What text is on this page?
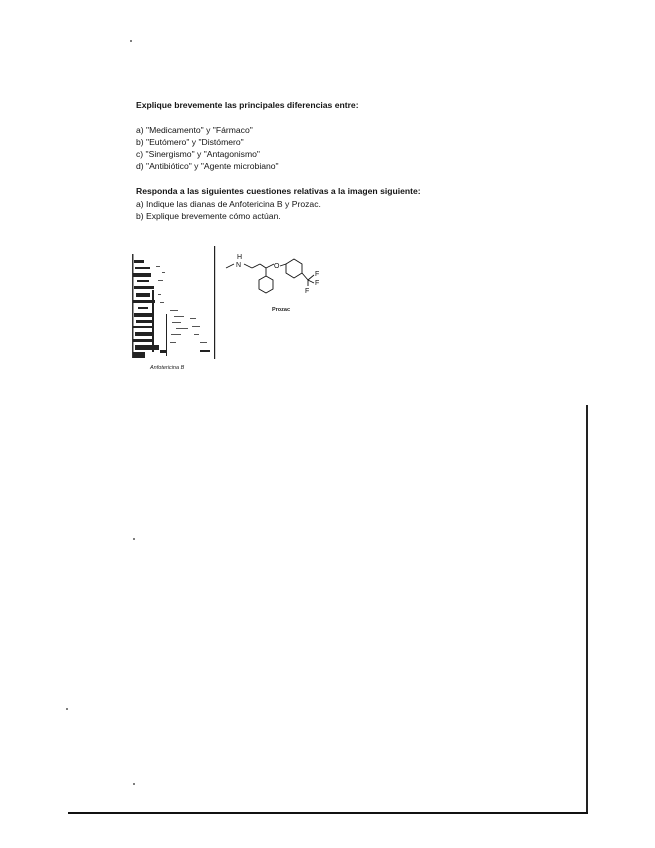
Explique brevemente las principales diferencias entre:
a) "Medicamento" y "Fármaco"
b) "Eutómero" y "Distómero"
c) "Sinergismo" y "Antagonismo"
d) "Antibiótico" y "Agente microbiano"
Responda a las siguientes cuestiones relativas a la imagen siguiente:
a) Indique las dianas de Anfotericina B y Prozac.
b) Explique brevemente cómo actúan.
Anfotericina B
N
H
O
F
F
F
Prozac
